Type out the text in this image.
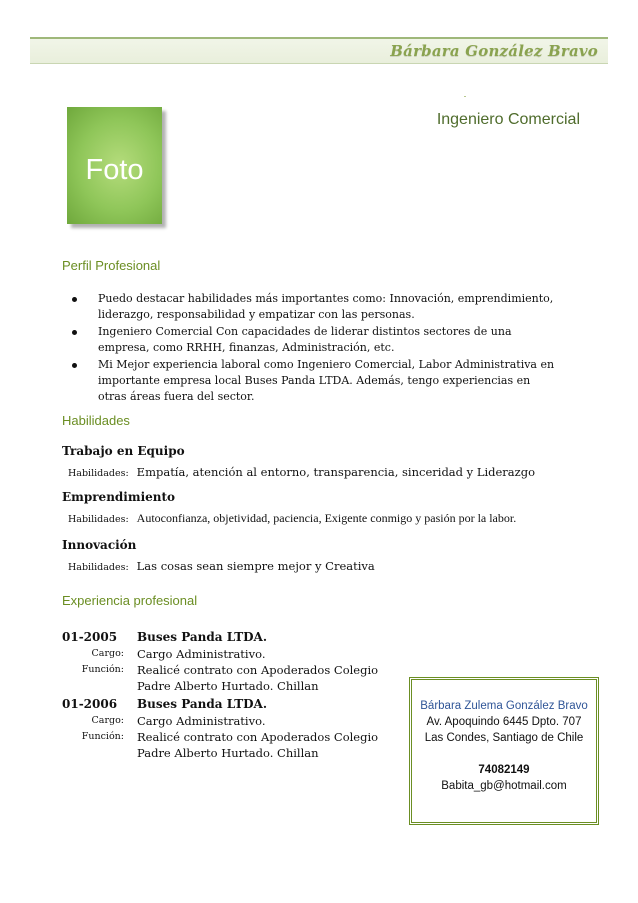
Bárbara González Bravo
Foto
Ingeniero Comercial
Perfil Profesional
Puedo destacar habilidades más importantes como: Innovación, emprendimiento, liderazgo, responsabilidad y empatizar con las personas.
Ingeniero Comercial Con capacidades de liderar distintos sectores de una empresa, como RRHH, finanzas, Administración, etc.
Mi Mejor experiencia laboral como Ingeniero Comercial, Labor Administrativa en importante empresa local Buses Panda LTDA. Además, tengo experiencias en otras áreas fuera del sector.
Habilidades
Trabajo en Equipo
Habilidades: Empatía, atención al entorno, transparencia, sinceridad y Liderazgo
Emprendimiento
Habilidades: Autoconfianza, objetividad, paciencia, Exigente conmigo y pasión por la labor.
Innovación
Habilidades: Las cosas sean siempre mejor y Creativa
Experiencia profesional
01-2005 Buses Panda LTDA.
Cargo: Cargo Administrativo.
Función: Realicé contrato con Apoderados Colegio Padre Alberto Hurtado. Chillan
01-2006 Buses Panda LTDA.
Cargo: Cargo Administrativo.
Función: Realicé contrato con Apoderados Colegio Padre Alberto Hurtado. Chillan
Bárbara Zulema González Bravo
Av. Apoquindo 6445 Dpto. 707
Las Condes, Santiago de Chile
74082149
Babita_gb@hotmail.com
